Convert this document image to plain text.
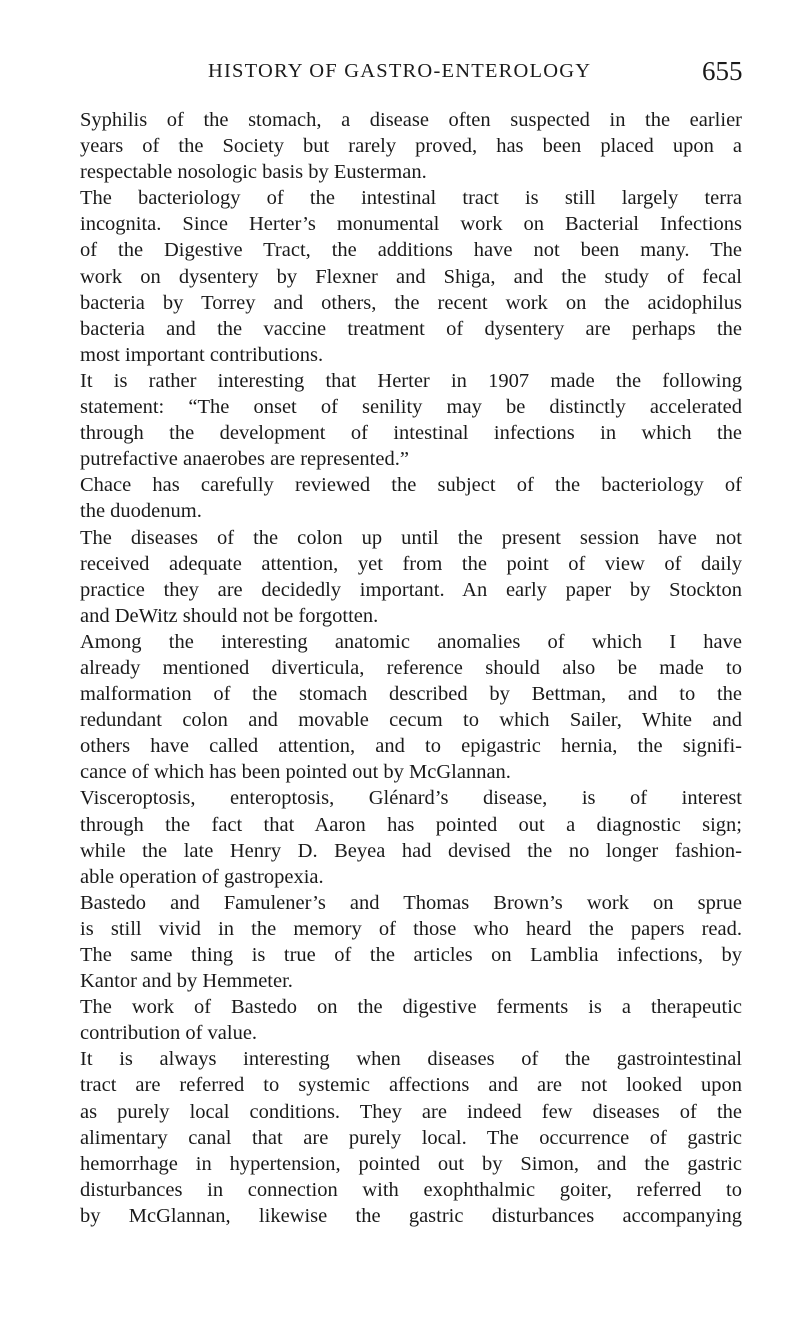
HISTORY OF GASTRO-ENTEROLOGY	655
Syphilis of the stomach, a disease often suspected in the earlier
years of the Society but rarely proved, has been placed upon a
respectable nosologic basis by Eusterman.
The bacteriology of the intestinal tract is still largely terra
incognita. Since Herter’s monumental work on Bacterial Infections
of the Digestive Tract, the additions have not been many. The
work on dysentery by Flexner and Shiga, and the study of fecal
bacteria by Torrey and others, the recent work on the acidophilus
bacteria and the vaccine treatment of dysentery are perhaps the
most important contributions.
It is rather interesting that Herter in 1907 made the following
statement: “The onset of senility may be distinctly accelerated
through the development of intestinal infections in which the
putrefactive anaerobes are represented.”
Chace has carefully reviewed the subject of the bacteriology of
the duodenum.
The diseases of the colon up until the present session have not
received adequate attention, yet from the point of view of daily
practice they are decidedly important. An early paper by Stockton
and DeWitz should not be forgotten.
Among the interesting anatomic anomalies of which I have
already mentioned diverticula, reference should also be made to
malformation of the stomach described by Bettman, and to the
redundant colon and movable cecum to which Sailer, White and
others have called attention, and to epigastric hernia, the signifi-
cance of which has been pointed out by McGlannan.
Visceroptosis, enteroptosis, Glénard’s disease, is of interest
through the fact that Aaron has pointed out a diagnostic sign;
while the late Henry D. Beyea had devised the no longer fashion-
able operation of gastropexia.
Bastedo and Famulener’s and Thomas Brown’s work on sprue
is still vivid in the memory of those who heard the papers read.
The same thing is true of the articles on Lamblia infections, by
Kantor and by Hemmeter.
The work of Bastedo on the digestive ferments is a therapeutic
contribution of value.
It is always interesting when diseases of the gastrointestinal
tract are referred to systemic affections and are not looked upon
as purely local conditions. They are indeed few diseases of the
alimentary canal that are purely local. The occurrence of gastric
hemorrhage in hypertension, pointed out by Simon, and the gastric
disturbances in connection with exophthalmic goiter, referred to
by McGlannan, likewise the gastric disturbances accompanying
